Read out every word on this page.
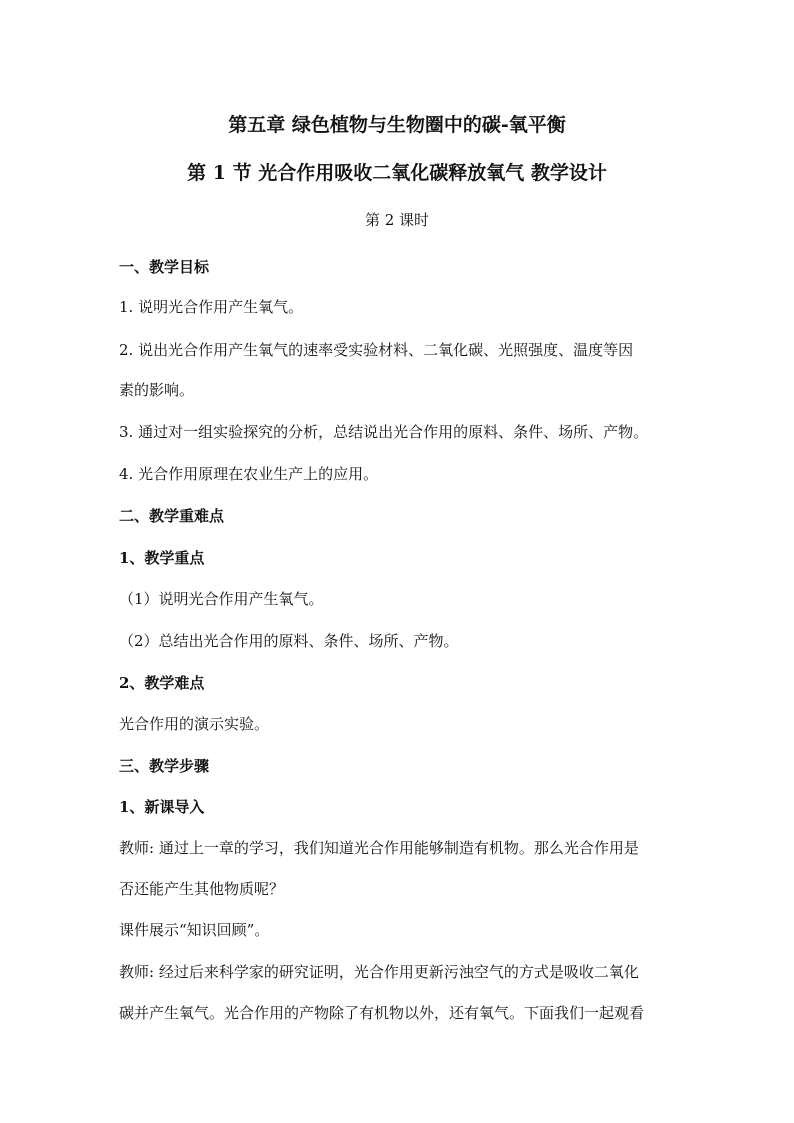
第五章 绿色植物与生物圈中的碳-氧平衡
第 1 节 光合作用吸收二氧化碳释放氧气 教学设计
第 2 课时
一、教学目标
1. 说明光合作用产生氧气。
2. 说出光合作用产生氧气的速率受实验材料、二氧化碳、光照强度、温度等因
素的影响。
3. 通过对一组实验探究的分析，总结说出光合作用的原料、条件、场所、产物。
4. 光合作用原理在农业生产上的应用。
二、教学重难点
1、教学重点
（1）说明光合作用产生氧气。
（2）总结出光合作用的原料、条件、场所、产物。
2、教学难点
光合作用的演示实验。
三、教学步骤
1、新课导入
教师: 通过上一章的学习，我们知道光合作用能够制造有机物。那么光合作用是
否还能产生其他物质呢？
课件展示“知识回顾”。
教师: 经过后来科学家的研究证明，光合作用更新污浊空气的方式是吸收二氧化
碳并产生氧气。光合作用的产物除了有机物以外，还有氧气。下面我们一起观看
